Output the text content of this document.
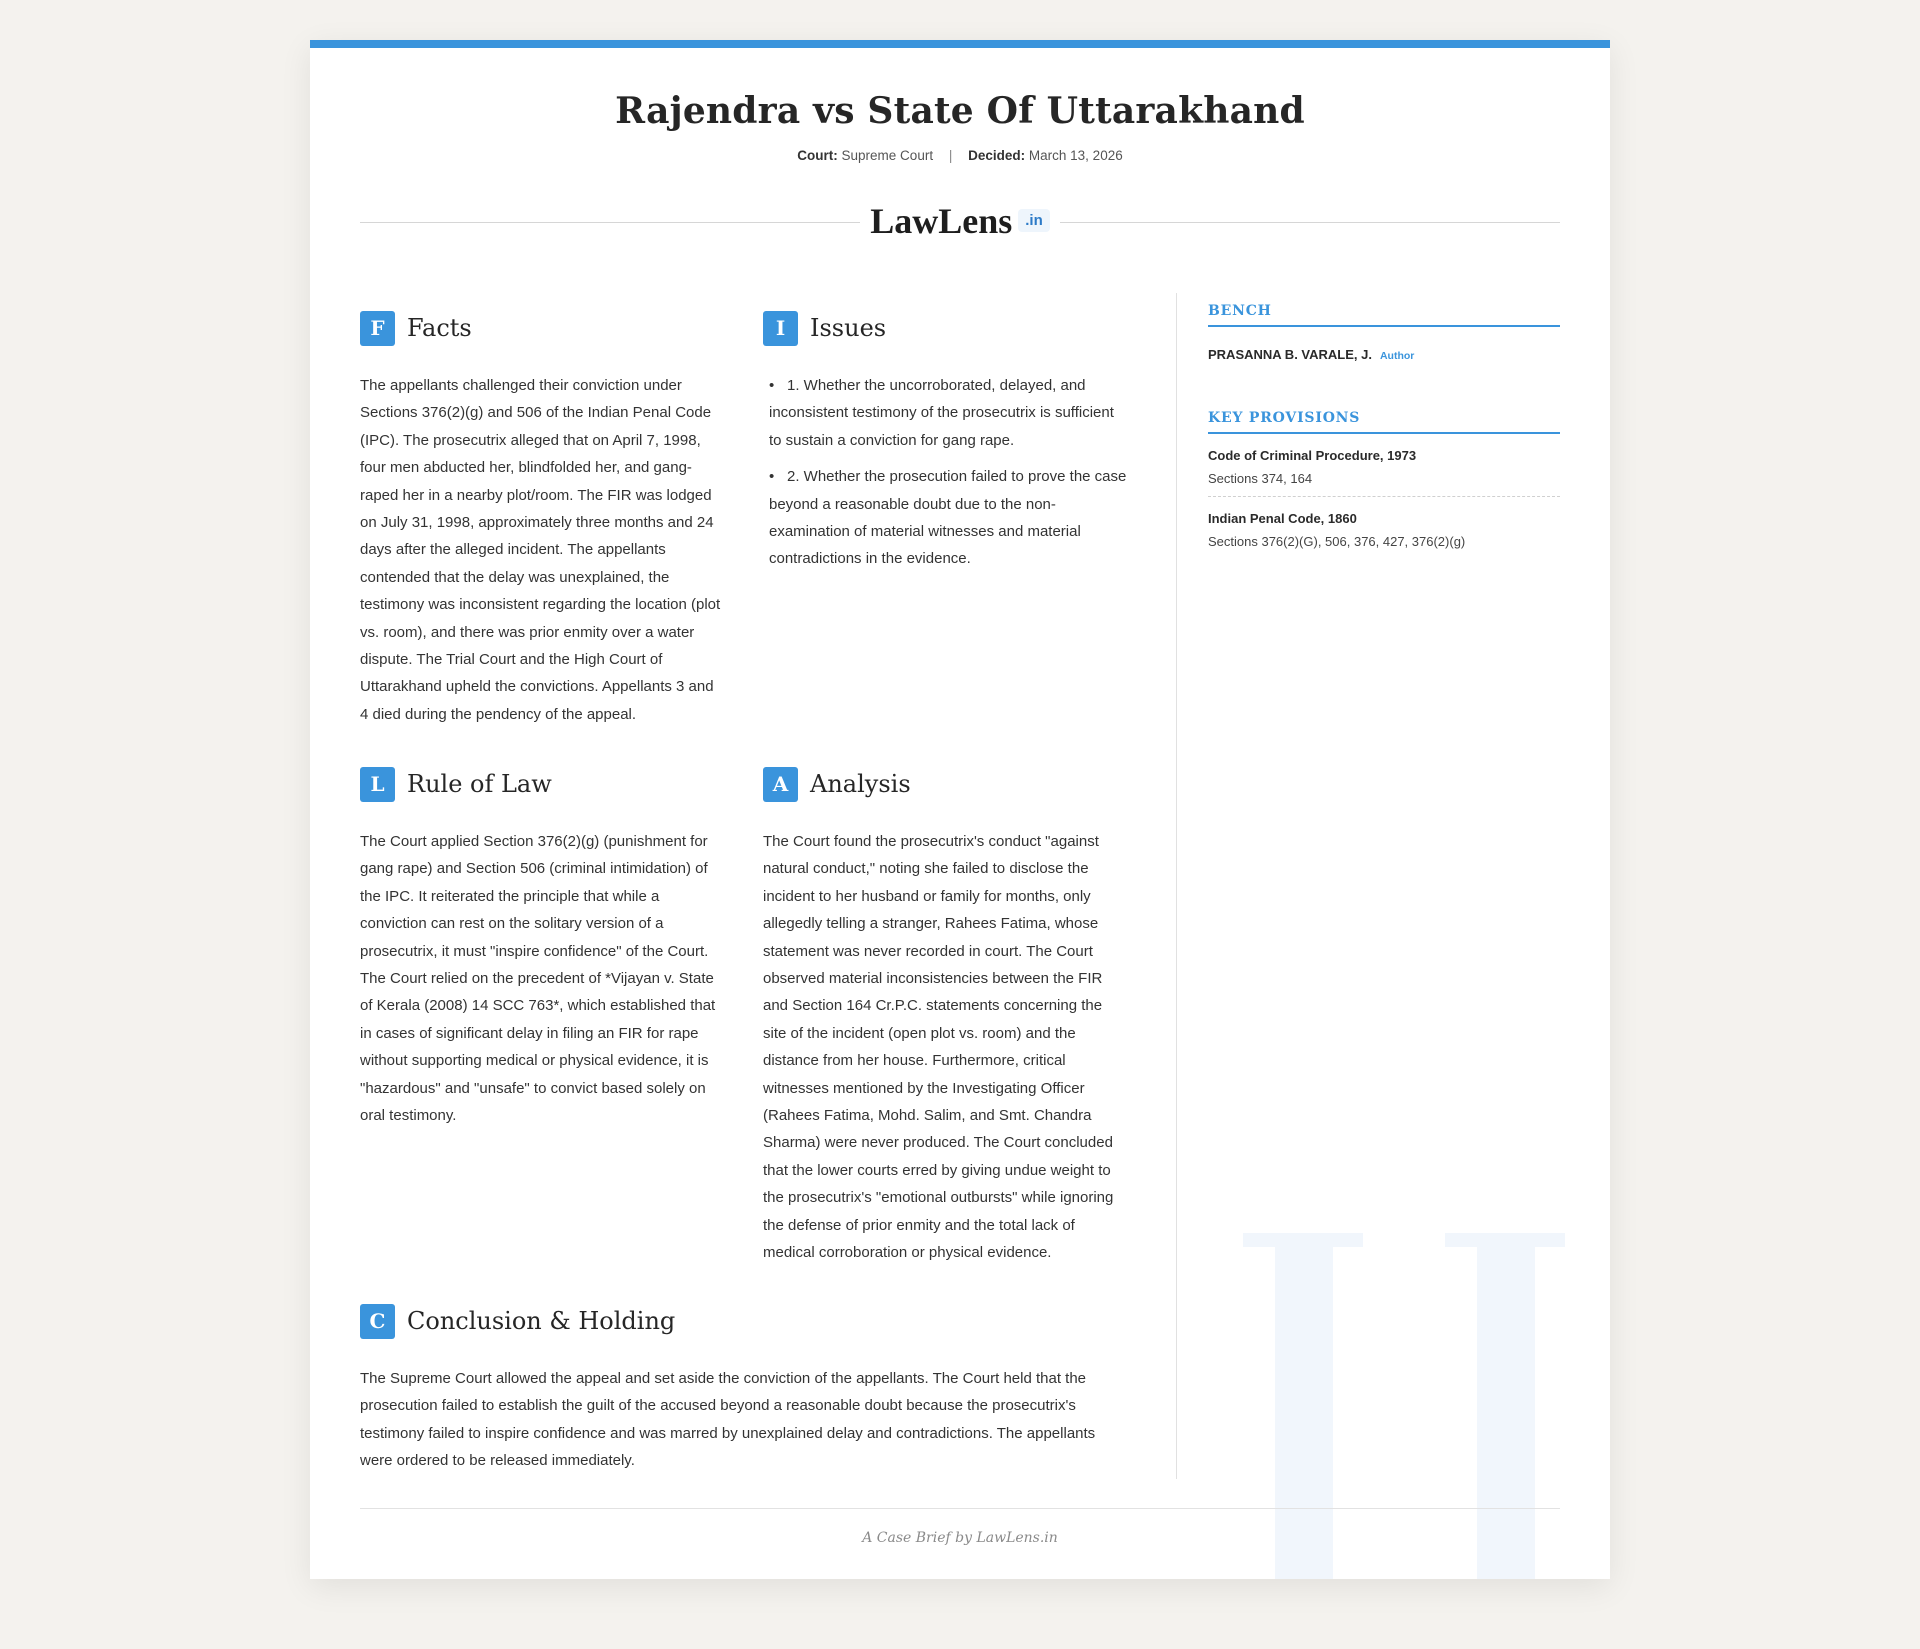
Rajendra vs State Of Uttarakhand
Court: Supreme Court | Decided: March 13, 2026
LawLens .in
F Facts
The appellants challenged their conviction under Sections 376(2)(g) and 506 of the Indian Penal Code (IPC). The prosecutrix alleged that on April 7, 1998, four men abducted her, blindfolded her, and gang-raped her in a nearby plot/room. The FIR was lodged on July 31, 1998, approximately three months and 24 days after the alleged incident. The appellants contended that the delay was unexplained, the testimony was inconsistent regarding the location (plot vs. room), and there was prior enmity over a water dispute. The Trial Court and the High Court of Uttarakhand upheld the convictions. Appellants 3 and 4 died during the pendency of the appeal.
I	Issues
• 1. Whether the uncorroborated, delayed, and inconsistent testimony of the prosecutrix is sufficient to sustain a conviction for gang rape.
• 2. Whether the prosecution failed to prove the case beyond a reasonable doubt due to the non-examination of material witnesses and material contradictions in the evidence.
L Rule of Law
The Court applied Section 376(2)(g) (punishment for gang rape) and Section 506 (criminal intimidation) of the IPC. It reiterated the principle that while a conviction can rest on the solitary version of a prosecutrix, it must "inspire confidence" of the Court. The Court relied on the precedent of *Vijayan v. State of Kerala (2008) 14 SCC 763*, which established that in cases of significant delay in filing an FIR for rape without supporting medical or physical evidence, it is "hazardous" and "unsafe" to convict based solely on oral testimony.
A Analysis
The Court found the prosecutrix's conduct "against natural conduct," noting she failed to disclose the incident to her husband or family for months, only allegedly telling a stranger, Rahees Fatima, whose statement was never recorded in court. The Court observed material inconsistencies between the FIR and Section 164 Cr.P.C. statements concerning the site of the incident (open plot vs. room) and the distance from her house. Furthermore, critical witnesses mentioned by the Investigating Officer (Rahees Fatima, Mohd. Salim, and Smt. Chandra Sharma) were never produced. The Court concluded that the lower courts erred by giving undue weight to the prosecutrix's "emotional outbursts" while ignoring the defense of prior enmity and the total lack of medical corroboration or physical evidence.
C Conclusion & Holding
The Supreme Court allowed the appeal and set aside the conviction of the appellants. The Court held that the prosecution failed to establish the guilt of the accused beyond a reasonable doubt because the prosecutrix's testimony failed to inspire confidence and was marred by unexplained delay and contradictions. The appellants were ordered to be released immediately.
BENCH
PRASANNA B. VARALE, J. Author
KEY PROVISIONS
Code of Criminal Procedure, 1973
Sections 374, 164
Indian Penal Code, 1860
Sections 376(2)(G), 506, 376, 427, 376(2)(g)
A Case Brief by LawLens.in
